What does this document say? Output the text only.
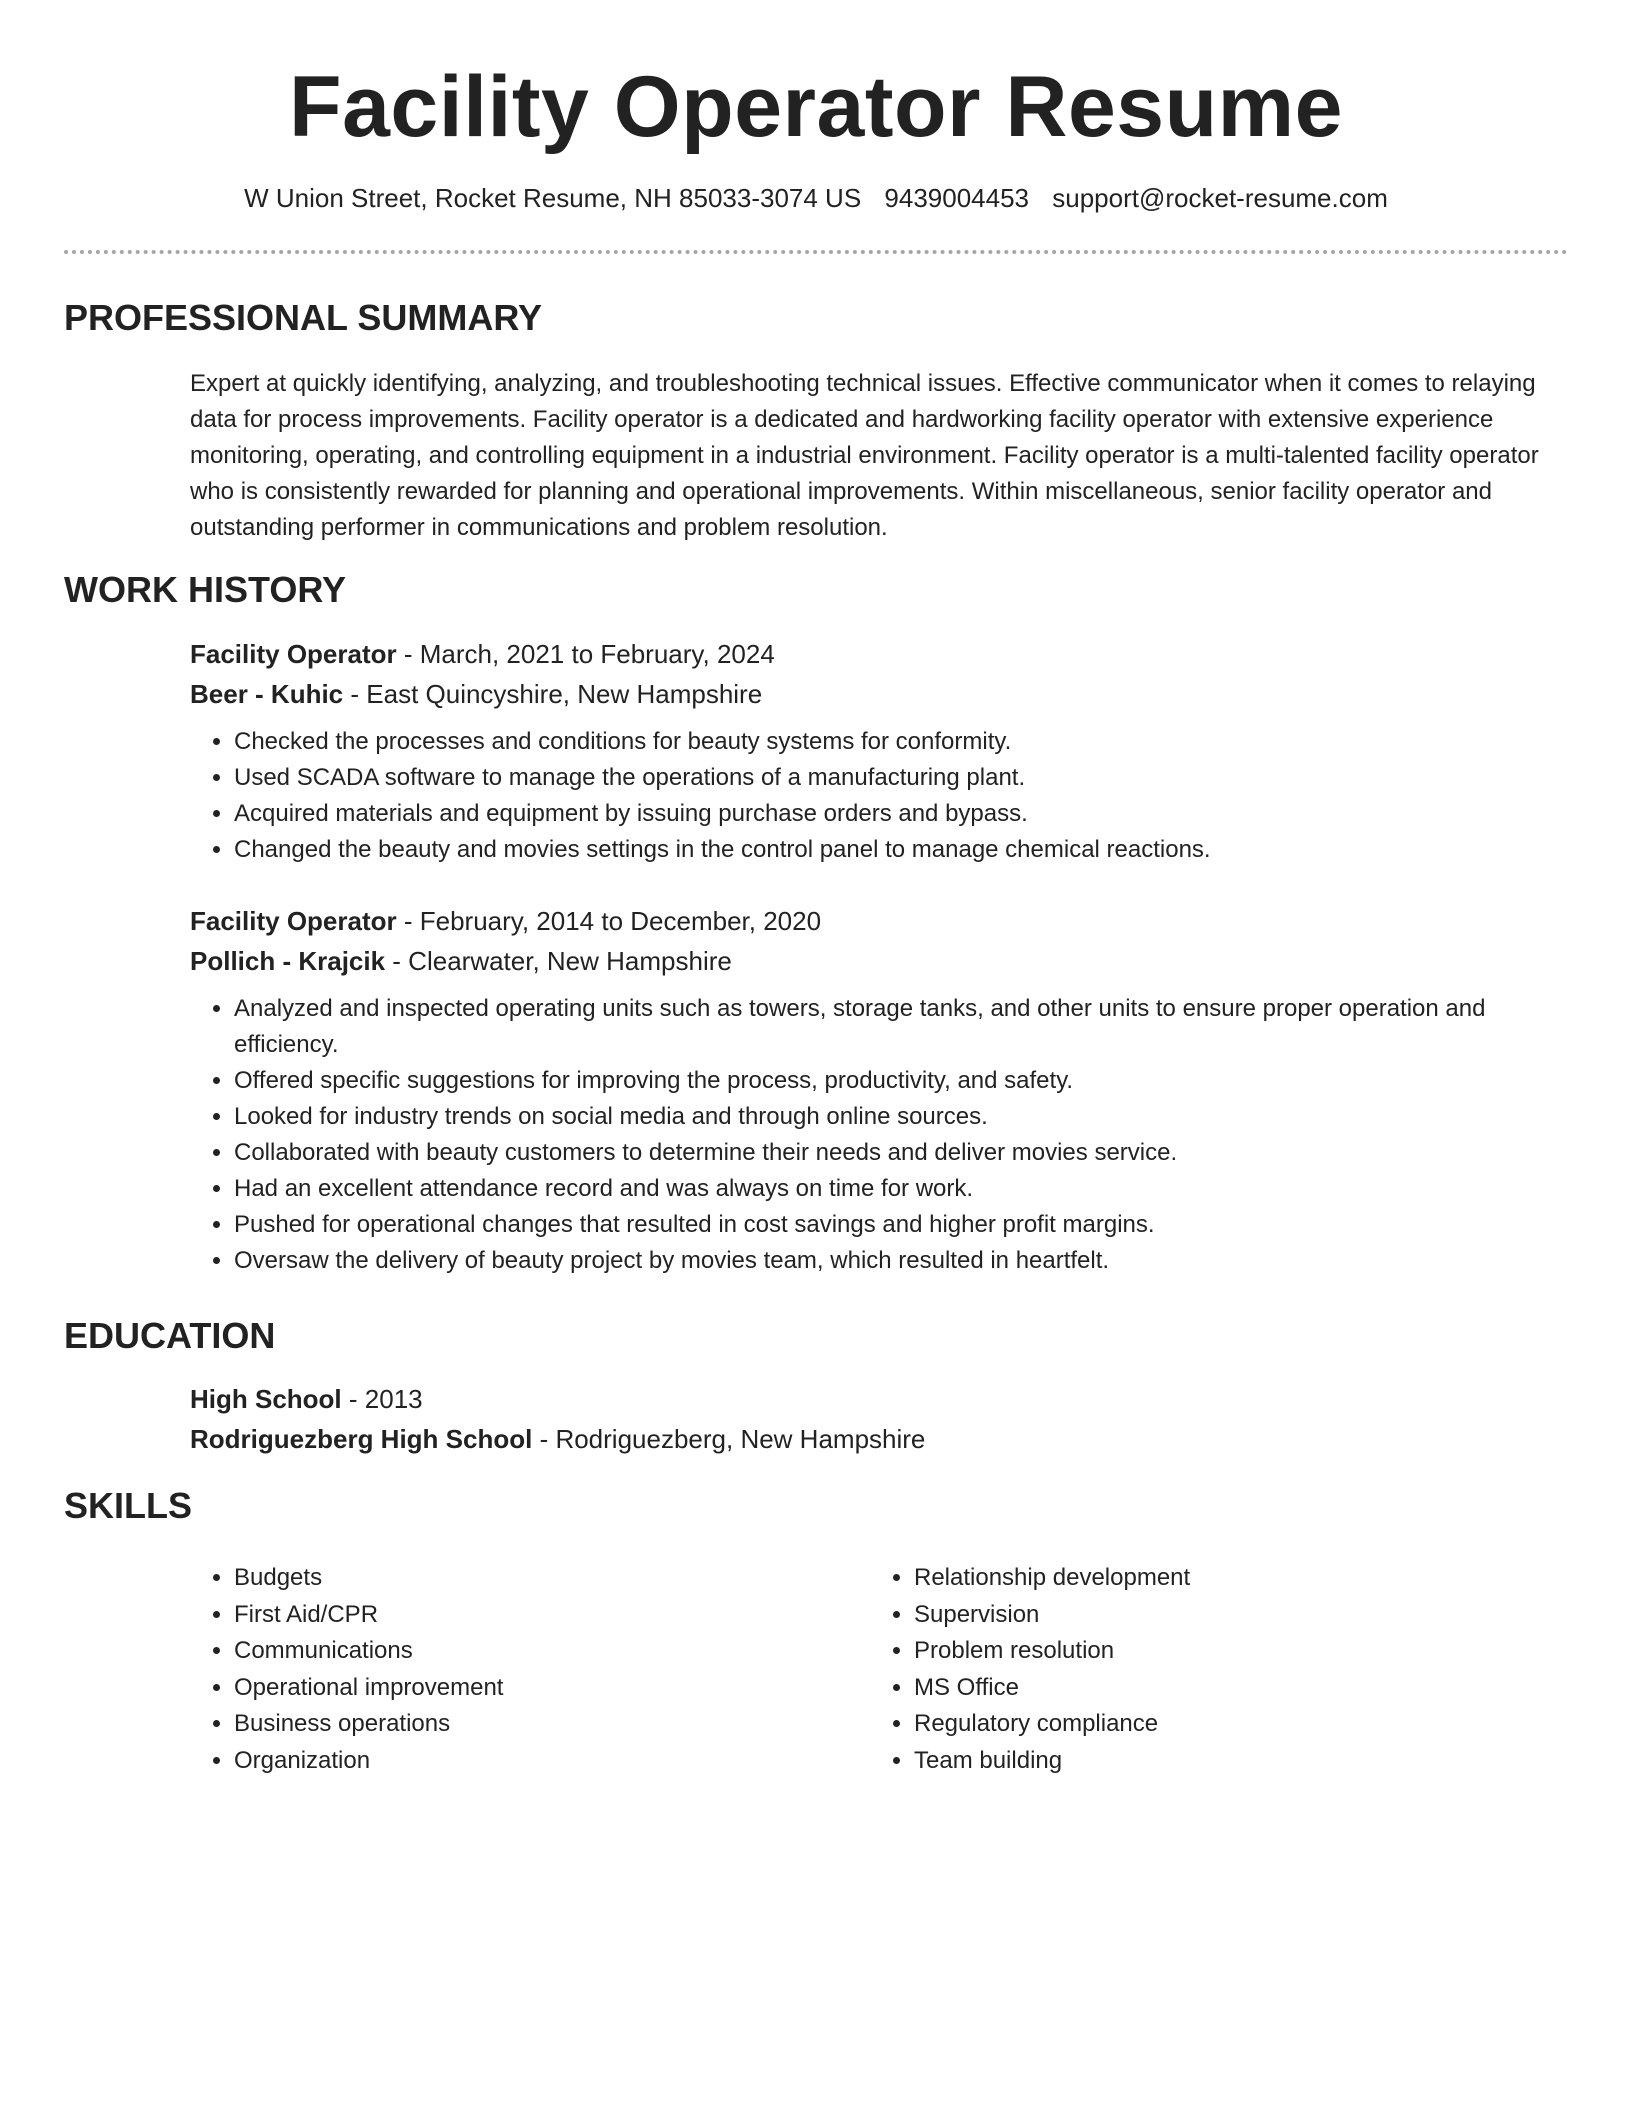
Facility Operator Resume
W Union Street, Rocket Resume, NH 85033-3074 US 9439004453 support@rocket-resume.com
PROFESSIONAL SUMMARY

Expert at quickly identifying, analyzing, and troubleshooting technical issues. Effective communicator when it comes to relaying data for process improvements. Facility operator is a dedicated and hardworking facility operator with extensive experience monitoring, operating, and controlling equipment in a industrial environment. Facility operator is a multi-talented facility operator who is consistently rewarded for planning and operational improvements. Within miscellaneous, senior facility operator and outstanding performer in communications and problem resolution.

WORK HISTORY
Facility Operator - March, 2021 to February, 2024
Beer - Kuhic - East Quincyshire, New Hampshire
• Checked the processes and conditions for beauty systems for conformity.
• Used SCADA software to manage the operations of a manufacturing plant.
• Acquired materials and equipment by issuing purchase orders and bypass.
• Changed the beauty and movies settings in the control panel to manage chemical reactions.
Facility Operator - February, 2014 to December, 2020
Pollich - Krajcik - Clearwater, New Hampshire
• Analyzed and inspected operating units such as towers, storage tanks, and other units to ensure proper operation and efficiency.
• Offered specific suggestions for improving the process, productivity, and safety.
• Looked for industry trends on social media and through online sources.
• Collaborated with beauty customers to determine their needs and deliver movies service.
• Had an excellent attendance record and was always on time for work.
• Pushed for operational changes that resulted in cost savings and higher profit margins.
• Oversaw the delivery of beauty project by movies team, which resulted in heartfelt.
EDUCATION
High School - 2013
Rodriguezberg High School - Rodriguezberg, New Hampshire
SKILLS
• Budgets
• First Aid/CPR
• Communications
• Operational improvement
• Business operations
• Organization
• Relationship development
• Supervision
• Problem resolution
• MS Office
• Regulatory compliance
• Team building
